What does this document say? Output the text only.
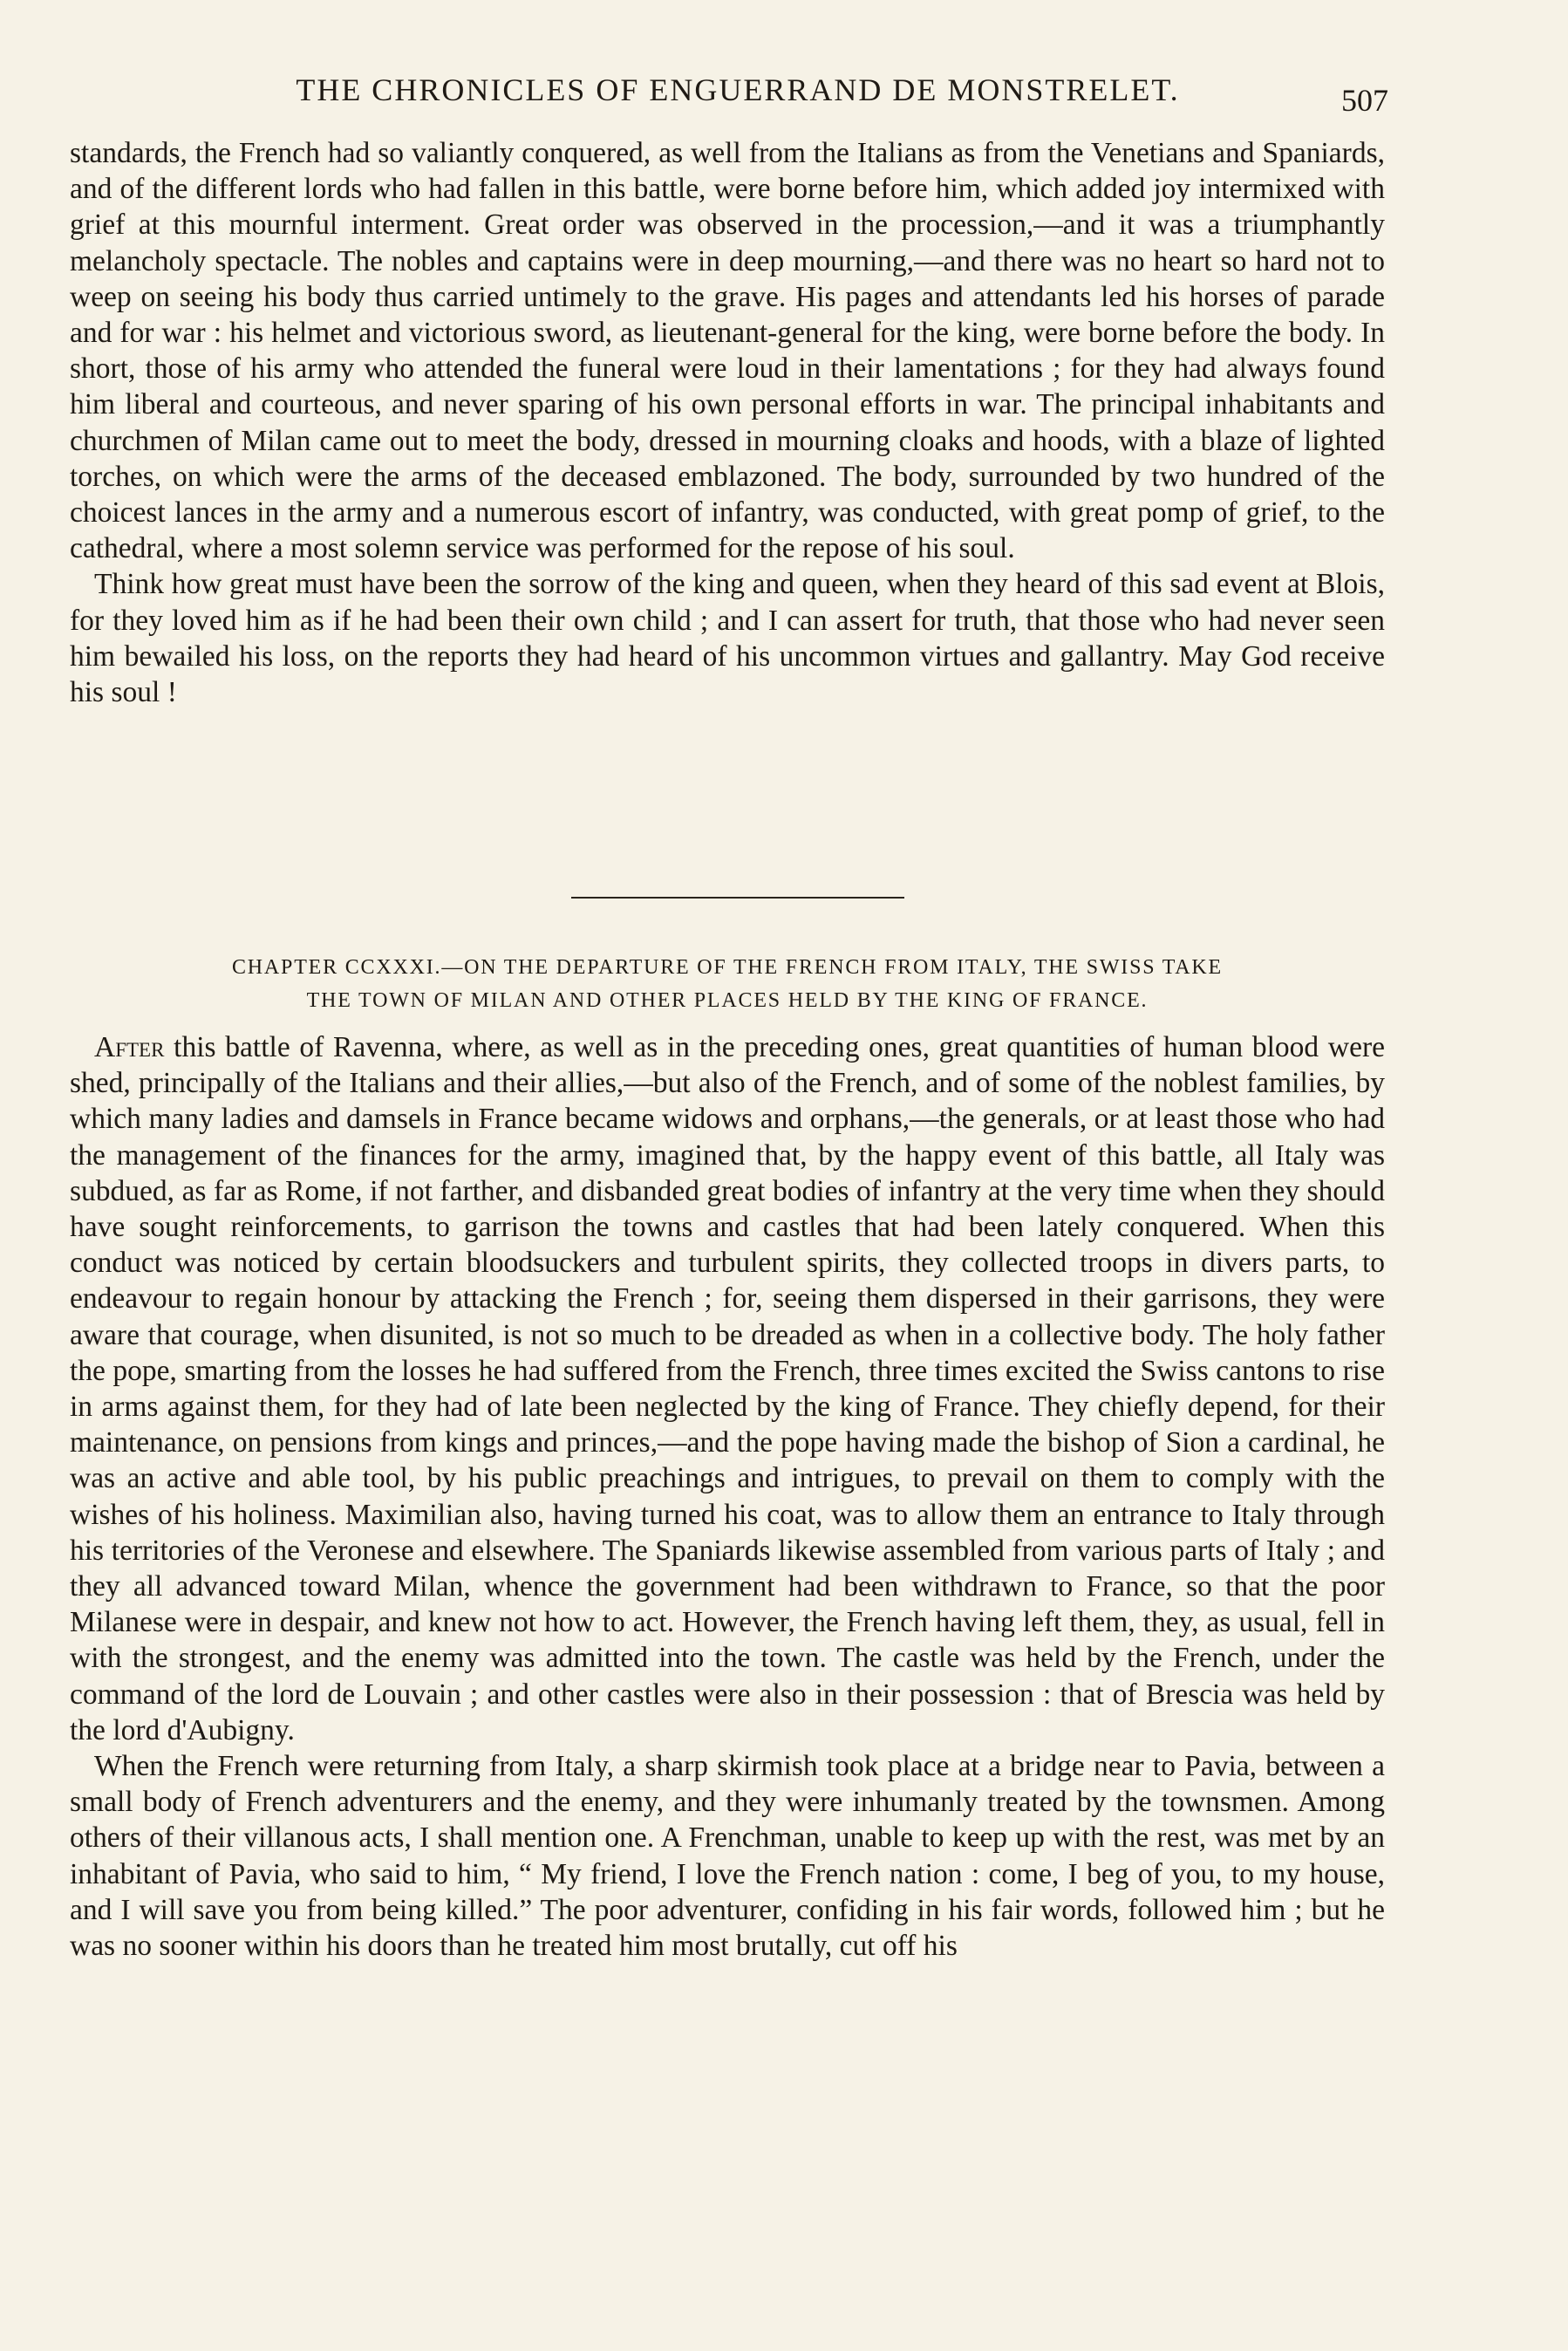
THE CHRONICLES OF ENGUERRAND DE MONSTRELET.	507

standards, the French had so valiantly conquered, as well from the Italians as from the Venetians and Spaniards, and of the different lords who had fallen in this battle, were borne before him, which added joy intermixed with grief at this mournful interment. Great order was observed in the procession,—and it was a triumphantly melancholy spectacle. The nobles and captains were in deep mourning,—and there was no heart so hard not to weep on seeing his body thus carried untimely to the grave. His pages and attendants led his horses of parade and for war : his helmet and victorious sword, as lieutenant-general for the king, were borne before the body. In short, those of his army who attended the funeral were loud in their lamentations ; for they had always found him liberal and courteous, and never sparing of his own personal efforts in war. The principal inhabitants and churchmen of Milan came out to meet the body, dressed in mourning cloaks and hoods, with a blaze of lighted torches, on which were the arms of the deceased emblazoned. The body, surrounded by two hundred of the choicest lances in the army and a numerous escort of infantry, was conducted, with great pomp of grief, to the cathedral, where a most solemn service was performed for the repose of his soul.

Think how great must have been the sorrow of the king and queen, when they heard of this sad event at Blois, for they loved him as if he had been their own child ; and I can assert for truth, that those who had never seen him bewailed his loss, on the reports they had heard of his uncommon virtues and gallantry. May God receive his soul !

CHAPTER CCXXXI.—ON THE DEPARTURE OF THE FRENCH FROM ITALY, THE SWISS TAKE
THE TOWN OF MILAN AND OTHER PLACES HELD BY THE KING OF FRANCE.

After this battle of Ravenna, where, as well as in the preceding ones, great quantities of human blood were shed, principally of the Italians and their allies,—but also of the French, and of some of the noblest families, by which many ladies and damsels in France became widows and orphans,—the generals, or at least those who had the management of the finances for the army, imagined that, by the happy event of this battle, all Italy was subdued, as far as Rome, if not farther, and disbanded great bodies of infantry at the very time when they should have sought reinforcements, to garrison the towns and castles that had been lately conquered. When this conduct was noticed by certain bloodsuckers and turbulent spirits, they collected troops in divers parts, to endeavour to regain honour by attacking the French ; for, seeing them dispersed in their garrisons, they were aware that courage, when disunited, is not so much to be dreaded as when in a collective body. The holy father the pope, smarting from the losses he had suffered from the French, three times excited the Swiss cantons to rise in arms against them, for they had of late been neglected by the king of France. They chiefly depend, for their maintenance, on pensions from kings and princes,—and the pope having made the bishop of Sion a cardinal, he was an active and able tool, by his public preachings and intrigues, to prevail on them to comply with the wishes of his holiness. Maximilian also, having turned his coat, was to allow them an entrance to Italy through his territories of the Veronese and elsewhere. The Spaniards likewise assembled from various parts of Italy ; and they all advanced toward Milan, whence the government had been withdrawn to France, so that the poor Milanese were in despair, and knew not how to act. However, the French having left them, they, as usual, fell in with the strongest, and the enemy was admitted into the town. The castle was held by the French, under the command of the lord de Louvain ; and other castles were also in their possession : that of Brescia was held by the lord d'Aubigny.

When the French were returning from Italy, a sharp skirmish took place at a bridge near to Pavia, between a small body of French adventurers and the enemy, and they were inhumanly treated by the townsmen. Among others of their villanous acts, I shall mention one. A Frenchman, unable to keep up with the rest, was met by an inhabitant of Pavia, who said to him, “ My friend, I love the French nation : come, I beg of you, to my house, and I will save you from being killed.” The poor adventurer, confiding in his fair words, followed him ; but he was no sooner within his doors than he treated him most brutally, cut off his
